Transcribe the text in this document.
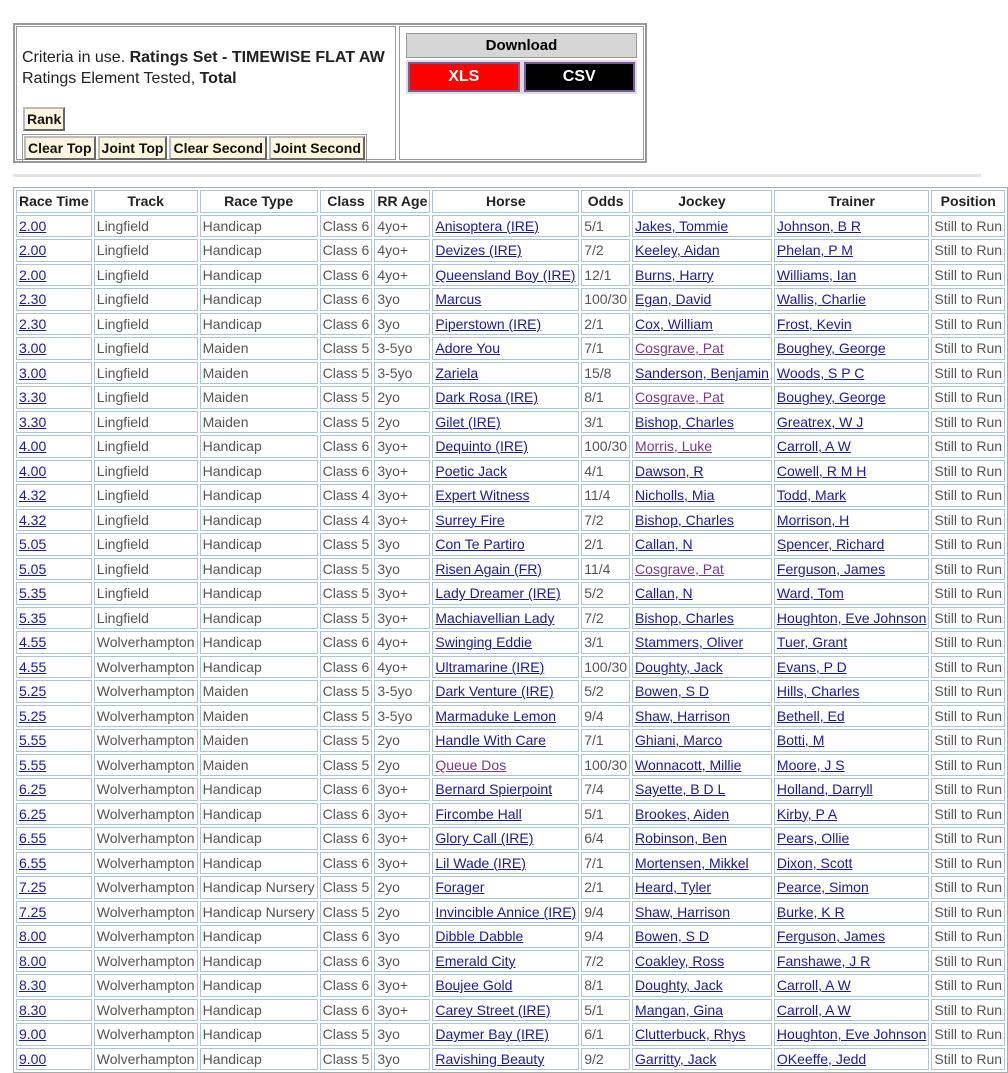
Criteria in use. Ratings Set - TIMEWISE FLAT AW
Ratings Element Tested, Total
Rank
Clear Top Joint Top Clear Second Joint Second
Download
XLS	CSV
Race Time	Track	Race Type	Class	RR Age	Horse	Odds	Jockey	Trainer	Position
2.00	Lingfield	Handicap	Class 6	4yo+	Anisoptera (IRE)	5/1	Jakes, Tommie	Johnson, B R	Still to Run
2.00	Lingfield	Handicap	Class 6	4yo+	Devizes (IRE)	7/2	Keeley, Aidan	Phelan, P M	Still to Run
2.00	Lingfield	Handicap	Class 6	4yo+	Queensland Boy (IRE)	12/1	Burns, Harry	Williams, Ian	Still to Run
2.30	Lingfield	Handicap	Class 6	3yo	Marcus	100/30	Egan, David	Wallis, Charlie	Still to Run
2.30	Lingfield	Handicap	Class 6	3yo	Piperstown (IRE)	2/1	Cox, William	Frost, Kevin	Still to Run
3.00	Lingfield	Maiden	Class 5	3-5yo	Adore You	7/1	Cosgrave, Pat	Boughey, George	Still to Run
3.00	Lingfield	Maiden	Class 5	3-5yo	Zariela	15/8	Sanderson, Benjamin	Woods, S P C	Still to Run
3.30	Lingfield	Maiden	Class 5	2yo	Dark Rosa (IRE)	8/1	Cosgrave, Pat	Boughey, George	Still to Run
3.30	Lingfield	Maiden	Class 5	2yo	Gilet (IRE)	3/1	Bishop, Charles	Greatrex, W J	Still to Run
4.00	Lingfield	Handicap	Class 6	3yo+	Dequinto (IRE)	100/30	Morris, Luke	Carroll, A W	Still to Run
4.00	Lingfield	Handicap	Class 6	3yo+	Poetic Jack	4/1	Dawson, R	Cowell, R M H	Still to Run
4.32	Lingfield	Handicap	Class 4	3yo+	Expert Witness	11/4	Nicholls, Mia	Todd, Mark	Still to Run
4.32	Lingfield	Handicap	Class 4	3yo+	Surrey Fire	7/2	Bishop, Charles	Morrison, H	Still to Run
5.05	Lingfield	Handicap	Class 5	3yo	Con Te Partiro	2/1	Callan, N	Spencer, Richard	Still to Run
5.05	Lingfield	Handicap	Class 5	3yo	Risen Again (FR)	11/4	Cosgrave, Pat	Ferguson, James	Still to Run
5.35	Lingfield	Handicap	Class 5	3yo+	Lady Dreamer (IRE)	5/2	Callan, N	Ward, Tom	Still to Run
5.35	Lingfield	Handicap	Class 5	3yo+	Machiavellian Lady	7/2	Bishop, Charles	Houghton, Eve Johnson	Still to Run
4.55	Wolverhampton	Handicap	Class 6	4yo+	Swinging Eddie	3/1	Stammers, Oliver	Tuer, Grant	Still to Run
4.55	Wolverhampton	Handicap	Class 6	4yo+	Ultramarine (IRE)	100/30	Doughty, Jack	Evans, P D	Still to Run
5.25	Wolverhampton	Maiden	Class 5	3-5yo	Dark Venture (IRE)	5/2	Bowen, S D	Hills, Charles	Still to Run
5.25	Wolverhampton	Maiden	Class 5	3-5yo	Marmaduke Lemon	9/4	Shaw, Harrison	Bethell, Ed	Still to Run
5.55	Wolverhampton	Maiden	Class 5	2yo	Handle With Care	7/1	Ghiani, Marco	Botti, M	Still to Run
5.55	Wolverhampton	Maiden	Class 5	2yo	Queue Dos	100/30	Wonnacott, Millie	Moore, J S	Still to Run
6.25	Wolverhampton	Handicap	Class 6	3yo+	Bernard Spierpoint	7/4	Sayette, B D L	Holland, Darryll	Still to Run
6.25	Wolverhampton	Handicap	Class 6	3yo+	Fircombe Hall	5/1	Brookes, Aiden	Kirby, P A	Still to Run
6.55	Wolverhampton	Handicap	Class 6	3yo+	Glory Call (IRE)	6/4	Robinson, Ben	Pears, Ollie	Still to Run
6.55	Wolverhampton	Handicap	Class 6	3yo+	Lil Wade (IRE)	7/1	Mortensen, Mikkel	Dixon, Scott	Still to Run
7.25	Wolverhampton	Handicap Nursery	Class 5	2yo	Forager	2/1	Heard, Tyler	Pearce, Simon	Still to Run
7.25	Wolverhampton	Handicap Nursery	Class 5	2yo	Invincible Annice (IRE)	9/4	Shaw, Harrison	Burke, K R	Still to Run
8.00	Wolverhampton	Handicap	Class 6	3yo	Dibble Dabble	9/4	Bowen, S D	Ferguson, James	Still to Run
8.00	Wolverhampton	Handicap	Class 6	3yo	Emerald City	7/2	Coakley, Ross	Fanshawe, J R	Still to Run
8.30	Wolverhampton	Handicap	Class 6	3yo+	Boujee Gold	8/1	Doughty, Jack	Carroll, A W	Still to Run
8.30	Wolverhampton	Handicap	Class 6	3yo+	Carey Street (IRE)	5/1	Mangan, Gina	Carroll, A W	Still to Run
9.00	Wolverhampton	Handicap	Class 5	3yo	Daymer Bay (IRE)	6/1	Clutterbuck, Rhys	Houghton, Eve Johnson	Still to Run
9.00	Wolverhampton	Handicap	Class 5	3yo	Ravishing Beauty	9/2	Garritty, Jack	OKeeffe, Jedd	Still to Run
